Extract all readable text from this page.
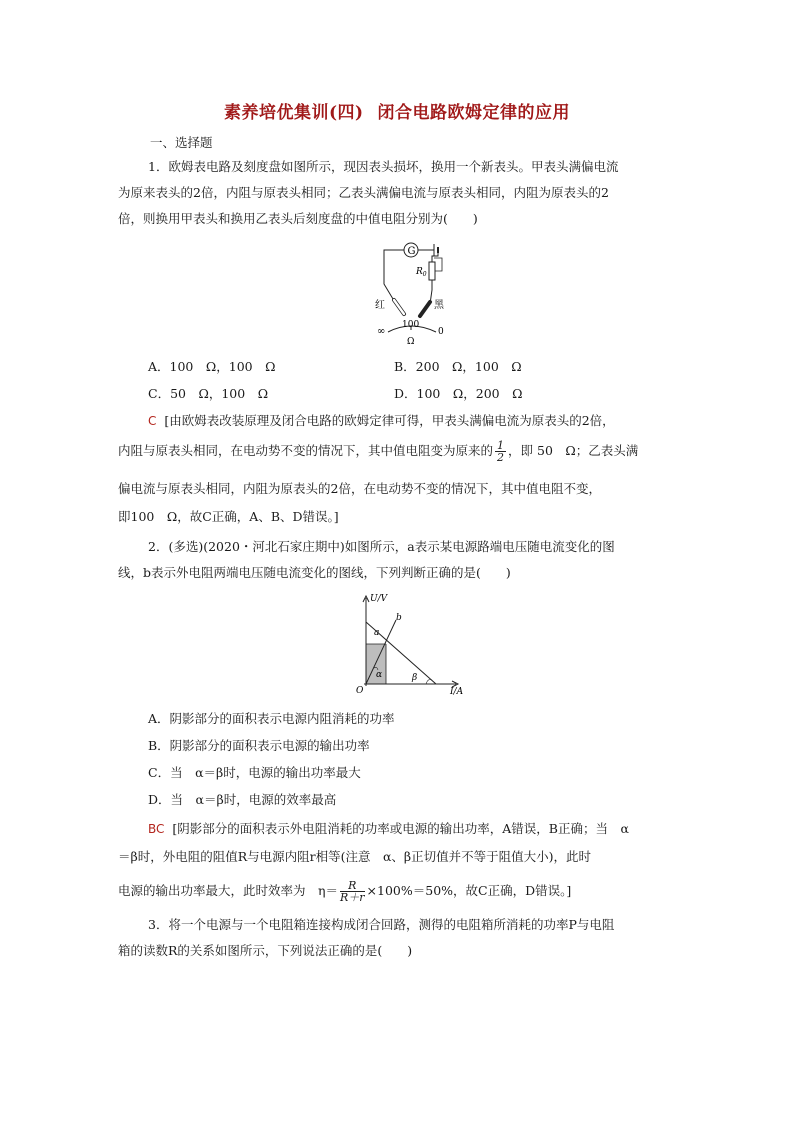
素养培优集训(四) 闭合电路欧姆定律的应用
一、选择题
1．欧姆表电路及刻度盘如图所示，现因表头损坏，换用一个新表头。甲表头满偏电流
为原来表头的2倍，内阻与原表头相同；乙表头满偏电流与原表头相同，内阻为原表头的2
倍，则换用甲表头和换用乙表头后刻度盘的中值电阻分别为(　　)
G
$R_0$
红	黑
100
∞	0
Ω
A．100　Ω，100　Ω	B．200　Ω，100　Ω
C．50　Ω，100　Ω	D．100　Ω，200　Ω
C [由欧姆表改装原理及闭合电路的欧姆定律可得，甲表头满偏电流为原表头的2倍，
内阻与原表头相同，在电动势不变的情况下，其中值电阻变为原来的 $\frac{1}{2}$ ，即 50　Ω；乙表头满
偏电流与原表头相同，内阻为原表头的2倍，在电动势不变的情况下，其中值电阻不变，
即100　Ω，故C正确，A、B、D错误。]
2．(多选)(2020・河北石家庄期中)如图所示，a表示某电源路端电压随电流变化的图
线，b表示外电阻两端电压随电流变化的图线，下列判断正确的是(　　)
U/V
I/A
O
a
b
α	β
A．阴影部分的面积表示电源内阻消耗的功率
B．阴影部分的面积表示电源的输出功率
C．当　α＝β时，电源的输出功率最大
D．当　α＝β时，电源的效率最高
BC [阴影部分的面积表示外电阻消耗的功率或电源的输出功率，A错误，B正确；当　α
＝β时，外电阻的阻值R与电源内阻r相等(注意　α、β正切值并不等于阻值大小)，此时
电源的输出功率最大，此时效率为　$\eta= \frac{R}{R+r} \times 100\%=50\%$，故C正确，D错误。]
3．将一个电源与一个电阻箱连接构成闭合回路，测得的电阻箱所消耗的功率P与电阻
箱的读数R的关系如图所示，下列说法正确的是(　　)
